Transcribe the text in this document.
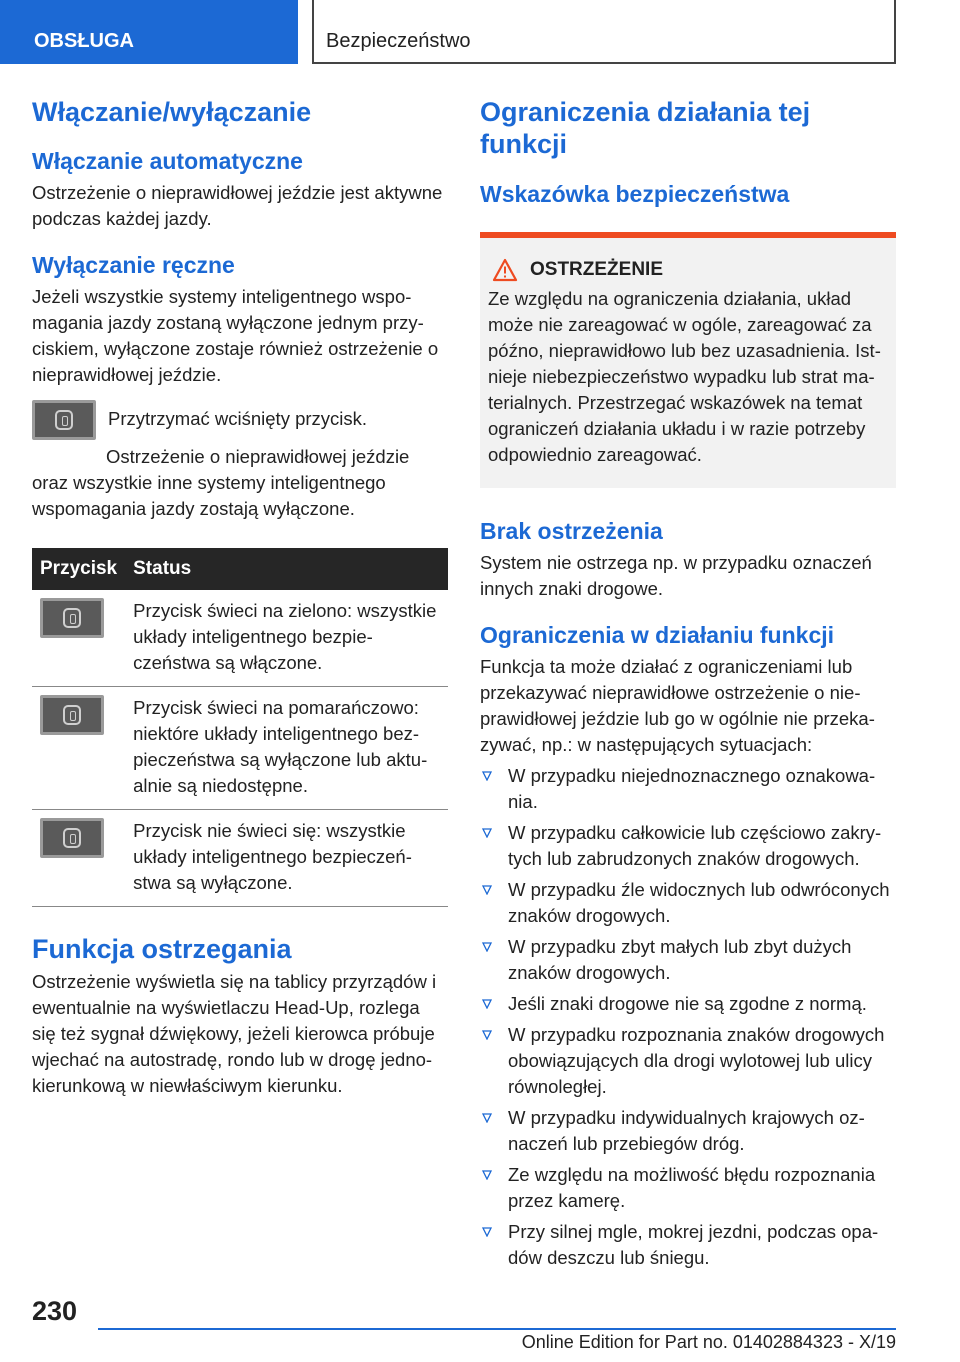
OBSŁUGA	Bezpieczeństwo
Włączanie/wyłączanie
Włączanie automatyczne

Ostrzeżenie o nieprawidłowej jeździe jest aktywne podczas każdej jazdy.

Wyłączanie ręczne

Jeżeli wszystkie systemy inteligentnego wspomagania jazdy zostaną wyłączone jednym przyciskiem, wyłączone zostaje również ostrzeżenie o nieprawidłowej jeździe.

Przytrzymać wciśnięty przycisk.

Ostrzeżenie o nieprawidłowej jeździe oraz wszystkie inne systemy inteligentnego wspomagania jazdy zostają wyłączone.

Przycisk	Status

	Przycisk świeci na zielono: wszystkie układy inteligentnego bezpieczeństwa są włączone.

	Przycisk świeci na pomarańczowo: niektóre układy inteligentnego bezpieczeństwa są wyłączone lub aktualnie są niedostępne.

	Przycisk nie świeci się: wszystkie układy inteligentnego bezpieczeństwa są wyłączone.
Funkcja ostrzegania

Ostrzeżenie wyświetla się na tablicy przyrządów i ewentualnie na wyświetlaczu Head-Up, rozlega się też sygnał dźwiękowy, jeżeli kierowca próbuje wjechać na autostradę, rondo lub w drogę jednokierunkową w niewłaściwym kierunku.

Ograniczenia działania tej funkcji
Wskazówka bezpieczeństwa
OSTRZEŻENIE

Ze względu na ograniczenia działania, układ może nie zareagować w ogóle, zareagować za późno, nieprawidłowo lub bez uzasadnienia. Istnieje niebezpieczeństwo wypadku lub strat materialnych. Przestrzegać wskazówek na temat ograniczeń działania układu i w razie potrzeby odpowiednio zareagować.

Brak ostrzeżenia

System nie ostrzega np. w przypadku oznaczeń innych znaki drogowe.

Ograniczenia w działaniu funkcji

Funkcja ta może działać z ograniczeniami lub przekazywać nieprawidłowe ostrzeżenie o nieprawidłowej jeździe lub go w ogólnie nie przekazywać, np.: w następujących sytuacjach:

W przypadku niejednoznacznego oznakowania.
W przypadku całkowicie lub częściowo zakrytych lub zabrudzonych znaków drogowych.
W przypadku źle widocznych lub odwróconych znaków drogowych.
W przypadku zbyt małych lub zbyt dużych znaków drogowych.
Jeśli znaki drogowe nie są zgodne z normą.
W przypadku rozpoznania znaków drogowych obowiązujących dla drogi wylotowej lub ulicy równoległej.
W przypadku indywidualnych krajowych oznaczeń lub przebiegów dróg.
Ze względu na możliwość błędu rozpoznania przez kamerę.
Przy silnej mgle, mokrej jezdni, podczas opadów deszczu lub śniegu.
230
Online Edition for Part no. 01402884323 - X/19
